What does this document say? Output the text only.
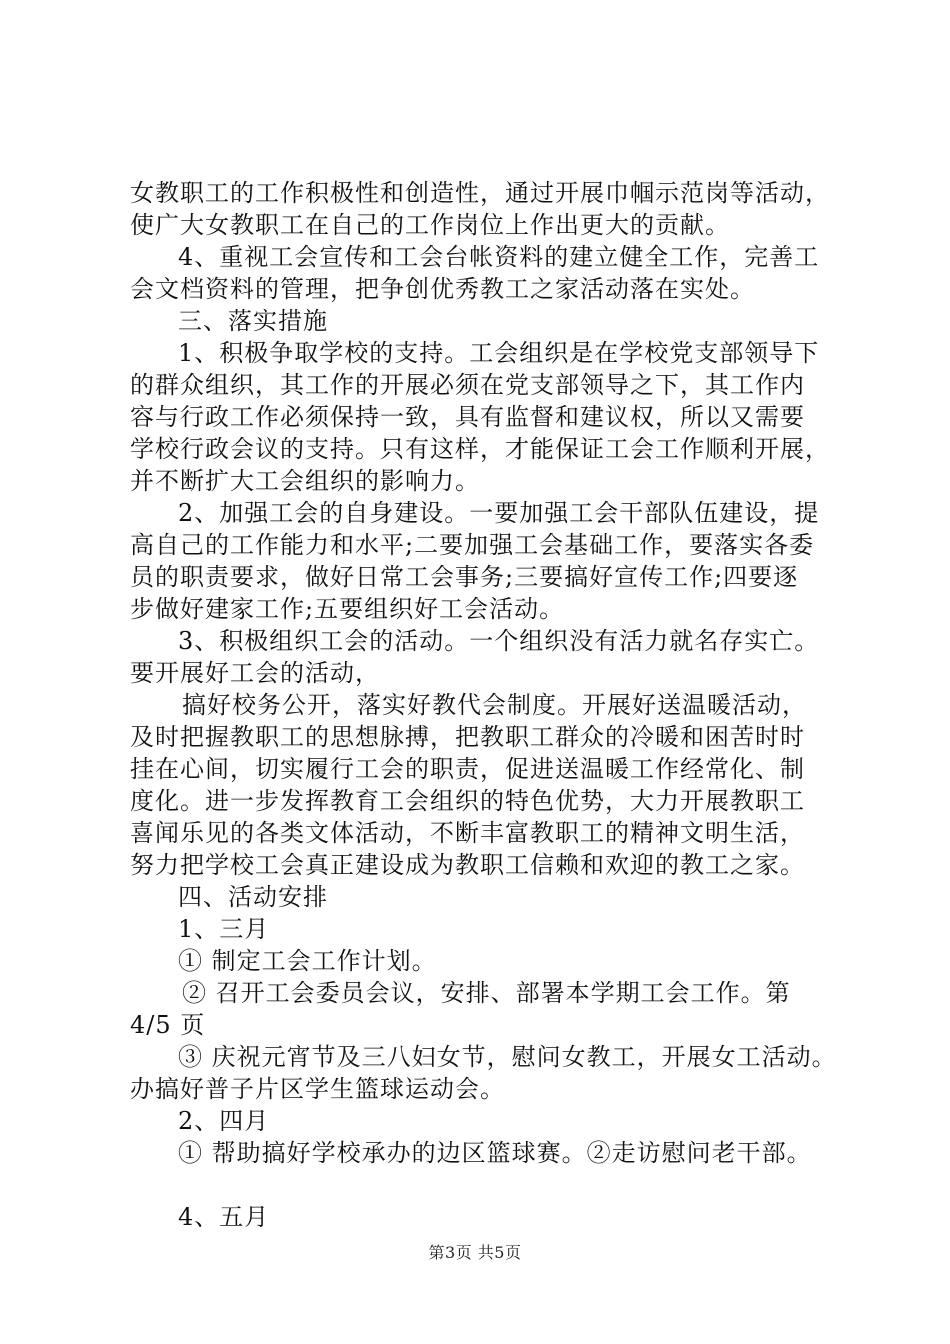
女教职工的工作积极性和创造性，通过开展巾帼示范岗等活动，
使广大女教职工在自己的工作岗位上作出更大的贡献。
4、重视工会宣传和工会台帐资料的建立健全工作，完善工
会文档资料的管理，把争创优秀教工之家活动落在实处。
三、落实措施
1、积极争取学校的支持。工会组织是在学校党支部领导下
的群众组织，其工作的开展必须在党支部领导之下，其工作内
容与行政工作必须保持一致，具有监督和建议权，所以又需要
学校行政会议的支持。只有这样，才能保证工会工作顺利开展，
并不断扩大工会组织的影响力。
2、加强工会的自身建设。一要加强工会干部队伍建设，提
高自己的工作能力和水平;二要加强工会基础工作，要落实各委
员的职责要求，做好日常工会事务;三要搞好宣传工作;四要逐
步做好建家工作;五要组织好工会活动。
3、积极组织工会的活动。一个组织没有活力就名存实亡。
要开展好工会的活动，
搞好校务公开，落实好教代会制度。开展好送温暖活动，
及时把握教职工的思想脉搏，把教职工群众的冷暖和困苦时时
挂在心间，切实履行工会的职责，促进送温暖工作经常化、制
度化。进一步发挥教育工会组织的特色优势，大力开展教职工
喜闻乐见的各类文体活动，不断丰富教职工的精神文明生活，
努力把学校工会真正建设成为教职工信赖和欢迎的教工之家。
四、活动安排
1、三月
① 制定工会工作计划。
② 召开工会委员会议，安排、部署本学期工会工作。第
4/5 页
③ 庆祝元宵节及三八妇女节，慰问女教工，开展女工活动。
办搞好普子片区学生篮球运动会。
2、四月
① 帮助搞好学校承办的边区篮球赛。②走访慰问老干部。
4、五月
第3页 共5页
